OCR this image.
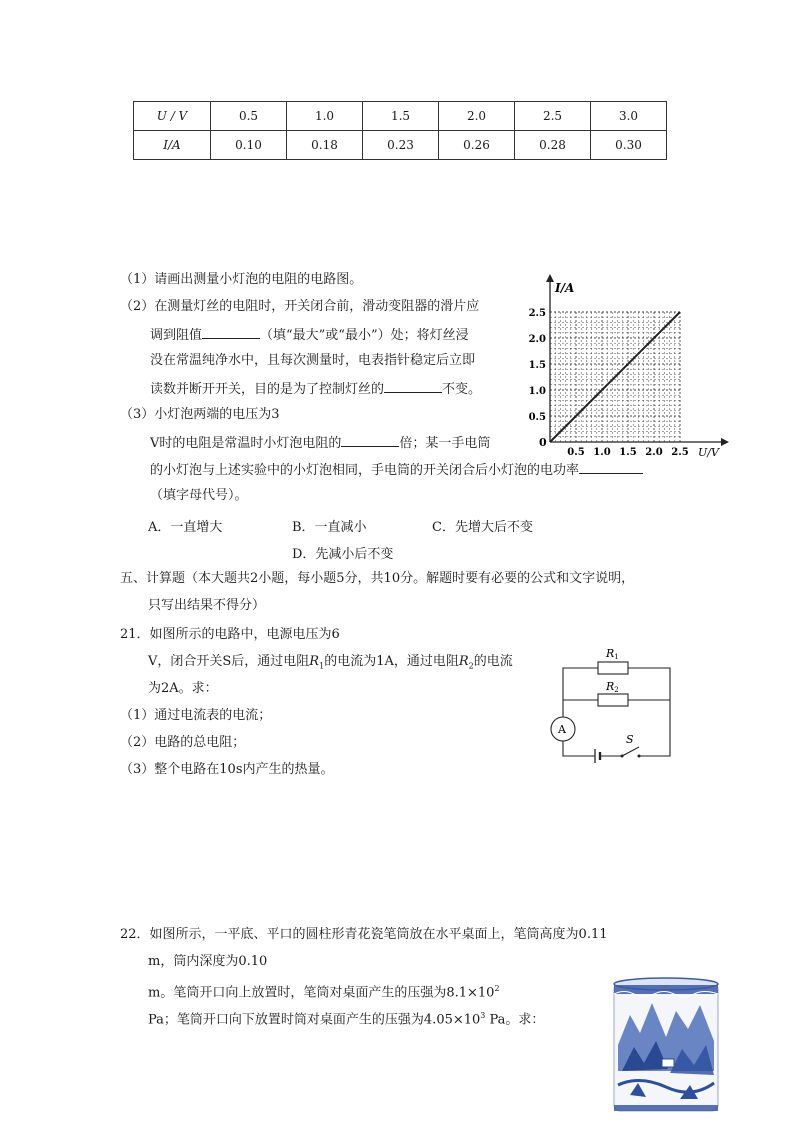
U / V	0.5	1.0	1.5	2.0	2.5	3.0
I/A	0.10	0.18	0.23	0.26	0.28	0.30
（1）请画出测量小灯泡的电阻的电路图。
（2）在测量灯丝的电阻时，开关闭合前，滑动变阻器的滑片应
调到阻值	（填“最大”或“最小”）处；将灯丝浸
没在常温纯净水中，且每次测量时，电表指针稳定后立即
读数并断开开关，目的是为了控制灯丝的	不变。
（3）小灯泡两端的电压为3
V时的电阻是常温时小灯泡电阻的	倍；某一手电筒
的小灯泡与上述实验中的小灯泡相同，手电筒的开关闭合后小灯泡的电功率
（填字母代号）。
A．一直增大	B．一直减小	C．先增大后不变
D．先减小后不变
0.5 1.0 1.5 2.0 2.5
0.5
1.0
1.5
2.0
2.5
I/A
U/V
0
五、计算题（本大题共2小题，每小题5分，共10分。解题时要有必要的公式和文字说明，
只写出结果不得分）
21．如图所示的电路中，电源电压为6
V，闭合开关S后，通过电阻$R_1$的电流为1A，通过电阻$R_2$的电流
为2A。求：
（1）通过电流表的电流；
（2）电路的总电阻；
（3）整个电路在10s内产生的热量。
R1
R2
A
S
22．如图所示，一平底、平口的圆柱形青花瓷笔筒放在水平桌面上，笔筒高度为0.11
m，筒内深度为0.10
m。笔筒开口向上放置时，笔筒对桌面产生的压强为$8.1\times 10^2$
Pa；笔筒开口向下放置时筒对桌面产生的压强为$4.05\times 10^3$ Pa。求：
